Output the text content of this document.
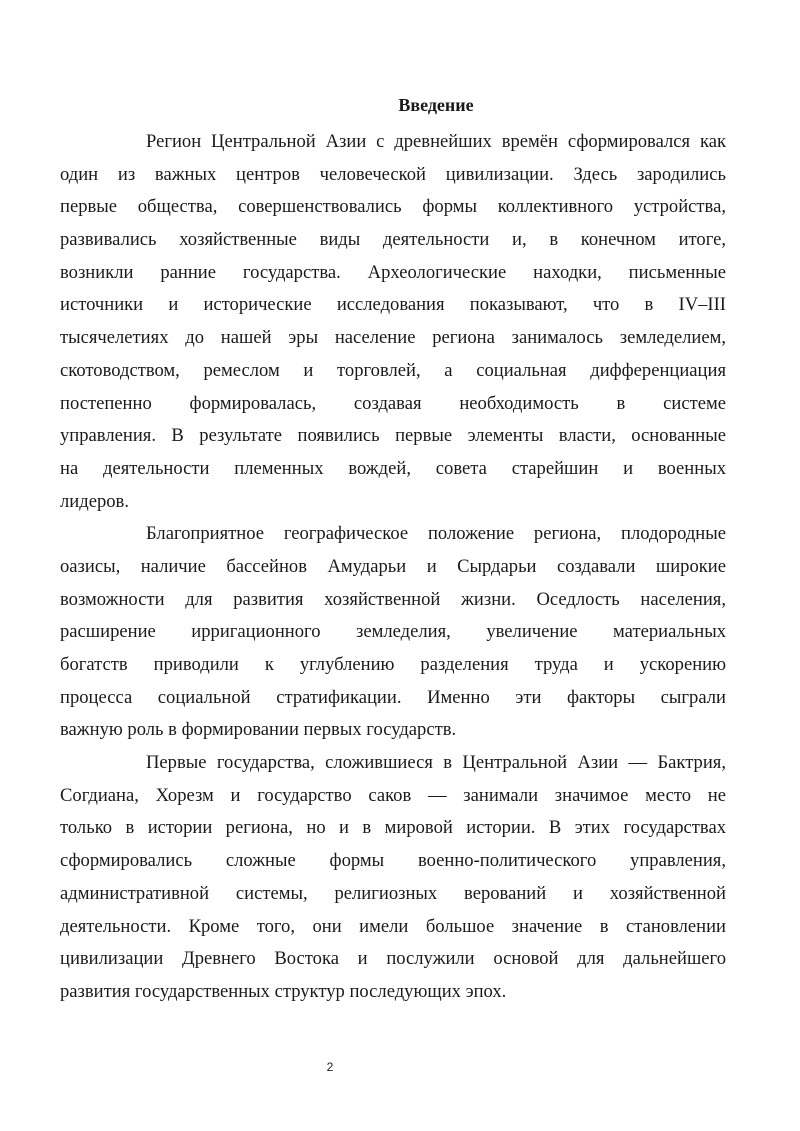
Введение
Регион Центральной Азии с древнейших времён сформировался как
один из важных центров человеческой цивилизации. Здесь зародились
первые общества, совершенствовались формы коллективного устройства,
развивались хозяйственные виды деятельности и, в конечном итоге,
возникли ранние государства. Археологические находки, письменные
источники и исторические исследования показывают, что в IV–III
тысячелетиях до нашей эры население региона занималось земледелием,
скотоводством, ремеслом и торговлей, а социальная дифференциация
постепенно формировалась, создавая необходимость в системе
управления. В результате появились первые элементы власти, основанные
на деятельности племенных вождей, совета старейшин и военных
лидеров.
Благоприятное географическое положение региона, плодородные
оазисы, наличие бассейнов Амударьи и Сырдарьи создавали широкие
возможности для развития хозяйственной жизни. Оседлость населения,
расширение ирригационного земледелия, увеличение материальных
богатств приводили к углублению разделения труда и ускорению
процесса социальной стратификации. Именно эти факторы сыграли
важную роль в формировании первых государств.
Первые государства, сложившиеся в Центральной Азии — Бактрия,
Согдиана, Хорезм и государство саков — занимали значимое место не
только в истории региона, но и в мировой истории. В этих государствах
сформировались сложные формы военно-политического управления,
административной системы, религиозных верований и хозяйственной
деятельности. Кроме того, они имели большое значение в становлении
цивилизации Древнего Востока и послужили основой для дальнейшего
развития государственных структур последующих эпох.
2
